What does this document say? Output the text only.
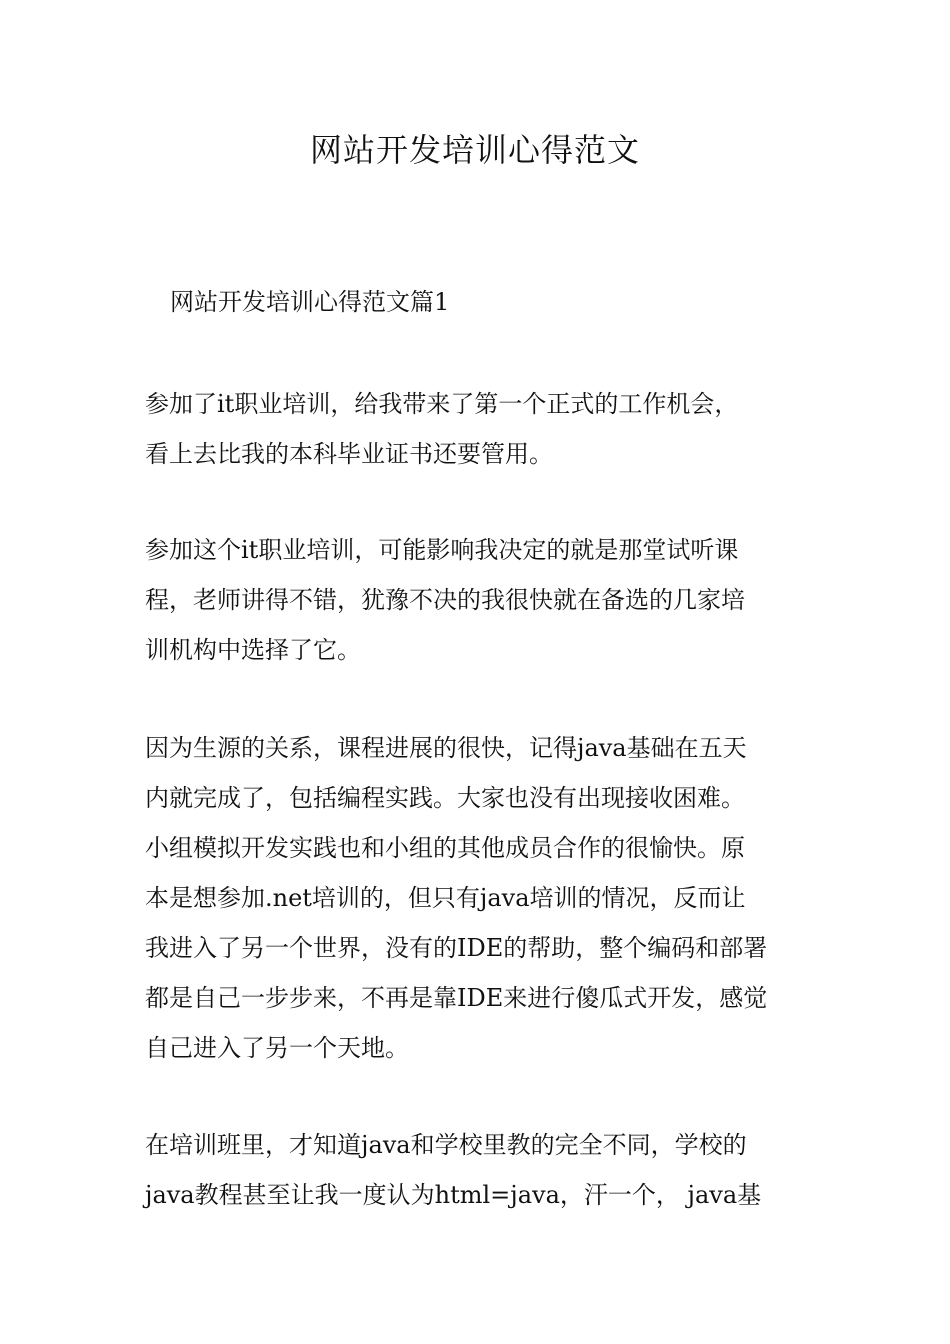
网站开发培训心得范文
网站开发培训心得范文篇1
参加了it职业培训，给我带来了第一个正式的工作机会，
看上去比我的本科毕业证书还要管用。
参加这个it职业培训，可能影响我决定的就是那堂试听课
程，老师讲得不错，犹豫不决的我很快就在备选的几家培
训机构中选择了它。
因为生源的关系，课程进展的很快，记得java基础在五天
内就完成了，包括编程实践。大家也没有出现接收困难。
小组模拟开发实践也和小组的其他成员合作的很愉快。原
本是想参加.net培训的，但只有java培训的情况，反而让
我进入了另一个世界，没有的IDE的帮助，整个编码和部署
都是自己一步步来，不再是靠IDE来进行傻瓜式开发，感觉
自己进入了另一个天地。
在培训班里，才知道java和学校里教的完全不同，学校的
java教程甚至让我一度认为html=java，汗一个， java基
